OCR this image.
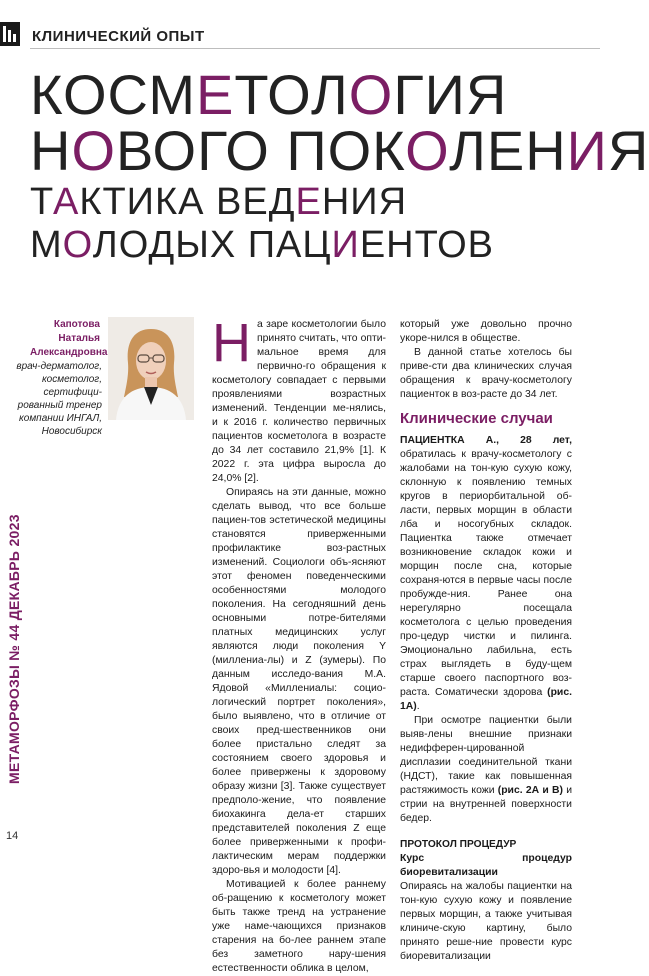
КЛИНИЧЕСКИЙ ОПЫТ
КОСМЕТОЛОГИЯ
НОВОГО ПОКОЛЕНИЯ
ТАКТИКА ВЕДЕНИЯ
МОЛОДЫХ ПАЦИЕНТОВ
Капотова Наталья Александровна
врач-дерматолог, косметолог, сертифици-рованный тренер компании ИНГАЛ, Новосибирск
МЕТАМОРФОЗЫ № 44 ДЕКАБРЬ 2023
14

На заре косметологии было принято считать, что опти-мальное время для первично-го обращения к косметологу совпадает с первыми проявлениями возрастных изменений. Тенденции ме-нялись, и к 2016 г. количество первичных пациентов косметолога в возрасте до 34 лет составило 21,9% [1]. К 2022 г. эта цифра выросла до 24,0% [2].

Опираясь на эти данные, можно сделать вывод, что все больше пациен-тов эстетической медицины становятся приверженными профилактике воз-растных изменений. Социологи объ-ясняют этот феномен поведенческими особенностями молодого поколения. На сегодняшний день основными потре-бителями платных медицинских услуг являются люди поколения Y (миллениа-лы) и Z (зумеры). По данным исследо-вания М.А. Ядовой «Миллениалы: социо-логический портрет поколения», было выявлено, что в отличие от своих пред-шественников они более пристально следят за состоянием своего здоровья и более привержены к здоровому образу жизни [3]. Также существует предполо-жение, что появление биохакинга дела-ет старших представителей поколения Z еще более приверженными к профи-лактическим мерам поддержки здоро-вья и молодости [4].

Мотивацией к более раннему об-ращению к косметологу может быть также тренд на устранение уже наме-чающихся признаков старения на бо-лее раннем этапе без заметного нару-шения естественности облика в целом,

который уже довольно прочно укоре-нился в обществе.

В данной статье хотелось бы приве-сти два клинических случая обращения к врачу-косметологу пациенток в воз-расте до 34 лет.

Клинические случаи

ПАЦИЕНТКА А., 28 лет, обратилась к врачу-косметологу с жалобами на тон-кую сухую кожу, склонную к появлению темных кругов в периорбитальной об-ласти, первых морщин в области лба и носогубных складок. Пациентка также отмечает возникновение складок кожи и морщин после сна, которые сохраня-ются в первые часы после пробужде-ния. Ранее она нерегулярно посещала косметолога с целью проведения про-цедур чистки и пилинга. Эмоционально лабильна, есть страх выглядеть в буду-щем старше своего паспортного воз-раста. Соматически здорова (рис. 1А).

При осмотре пациентки были выяв-лены внешние признаки недифферен-цированной дисплазии соединительной ткани (НДСТ), такие как повышенная растяжимость кожи (рис. 2А и В) и стрии на внутренней поверхности бедер.

ПРОТОКОЛ ПРОЦЕДУР
Курс процедур биоревитализации

Опираясь на жалобы пациентки на тон-кую сухую кожу и появление первых морщин, а также учитывая клиниче-скую картину, было принято реше-ние провести курс биоревитализации
